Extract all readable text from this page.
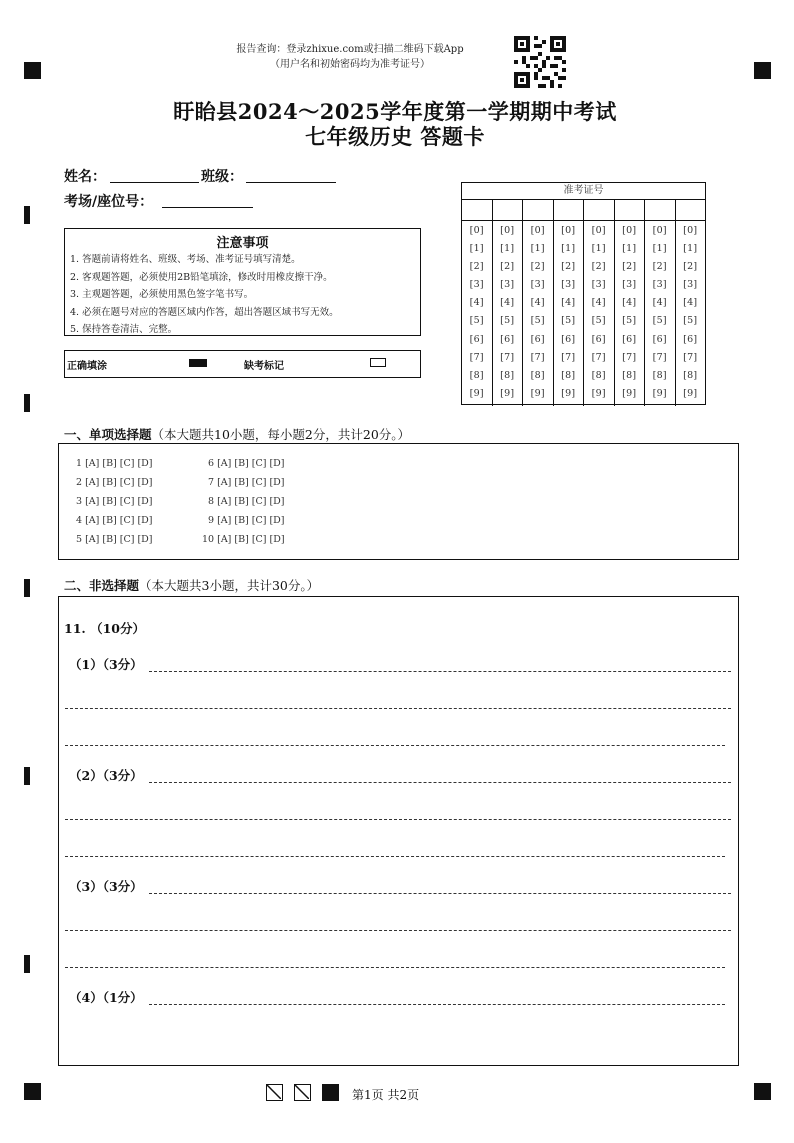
报告查询：登录zhixue.com或扫描二维码下载App
（用户名和初始密码均为准考证号）
盱眙县2024～2025学年度第一学期期中考试
七年级历史 答题卡
姓名：	班级：
考场/座位号：
注意事项
1. 答题前请将姓名、班级、考场、准考证号填写清楚。
2. 客观题答题，必须使用2B铅笔填涂，修改时用橡皮擦干净。
3. 主观题答题，必须使用黑色签字笔书写。
4. 必须在题号对应的答题区域内作答，超出答题区域书写无效。
5. 保持答卷清洁、完整。
正确填涂	缺考标记
准考证号
[0]
[1]
[2]
[3]
[4]
[5]
[6]
[7]
[8]
[9]
[0]
[1]
[2]
[3]
[4]
[5]
[6]
[7]
[8]
[9]
[0]
[1]
[2]
[3]
[4]
[5]
[6]
[7]
[8]
[9]
[0]
[1]
[2]
[3]
[4]
[5]
[6]
[7]
[8]
[9]
[0]
[1]
[2]
[3]
[4]
[5]
[6]
[7]
[8]
[9]
[0]
[1]
[2]
[3]
[4]
[5]
[6]
[7]
[8]
[9]
[0]
[1]
[2]
[3]
[4]
[5]
[6]
[7]
[8]
[9]
[0]
[1]
[2]
[3]
[4]
[5]
[6]
[7]
[8]
[9]
一、单项选择题（本大题共10小题，每小题2分，共计20分。）
1 [A] [B] [C] [D]
2 [A] [B] [C] [D]
3 [A] [B] [C] [D]
4 [A] [B] [C] [D]
5 [A] [B] [C] [D]
6 [A] [B] [C] [D]
7 [A] [B] [C] [D]
8 [A] [B] [C] [D]
9 [A] [B] [C] [D]
10 [A] [B] [C] [D]
二、非选择题（本大题共3小题，共计30分。）
11. （10分）
（1）（3分）
（2）（3分）
（3）（3分）
（4）（1分）
第1页 共2页
